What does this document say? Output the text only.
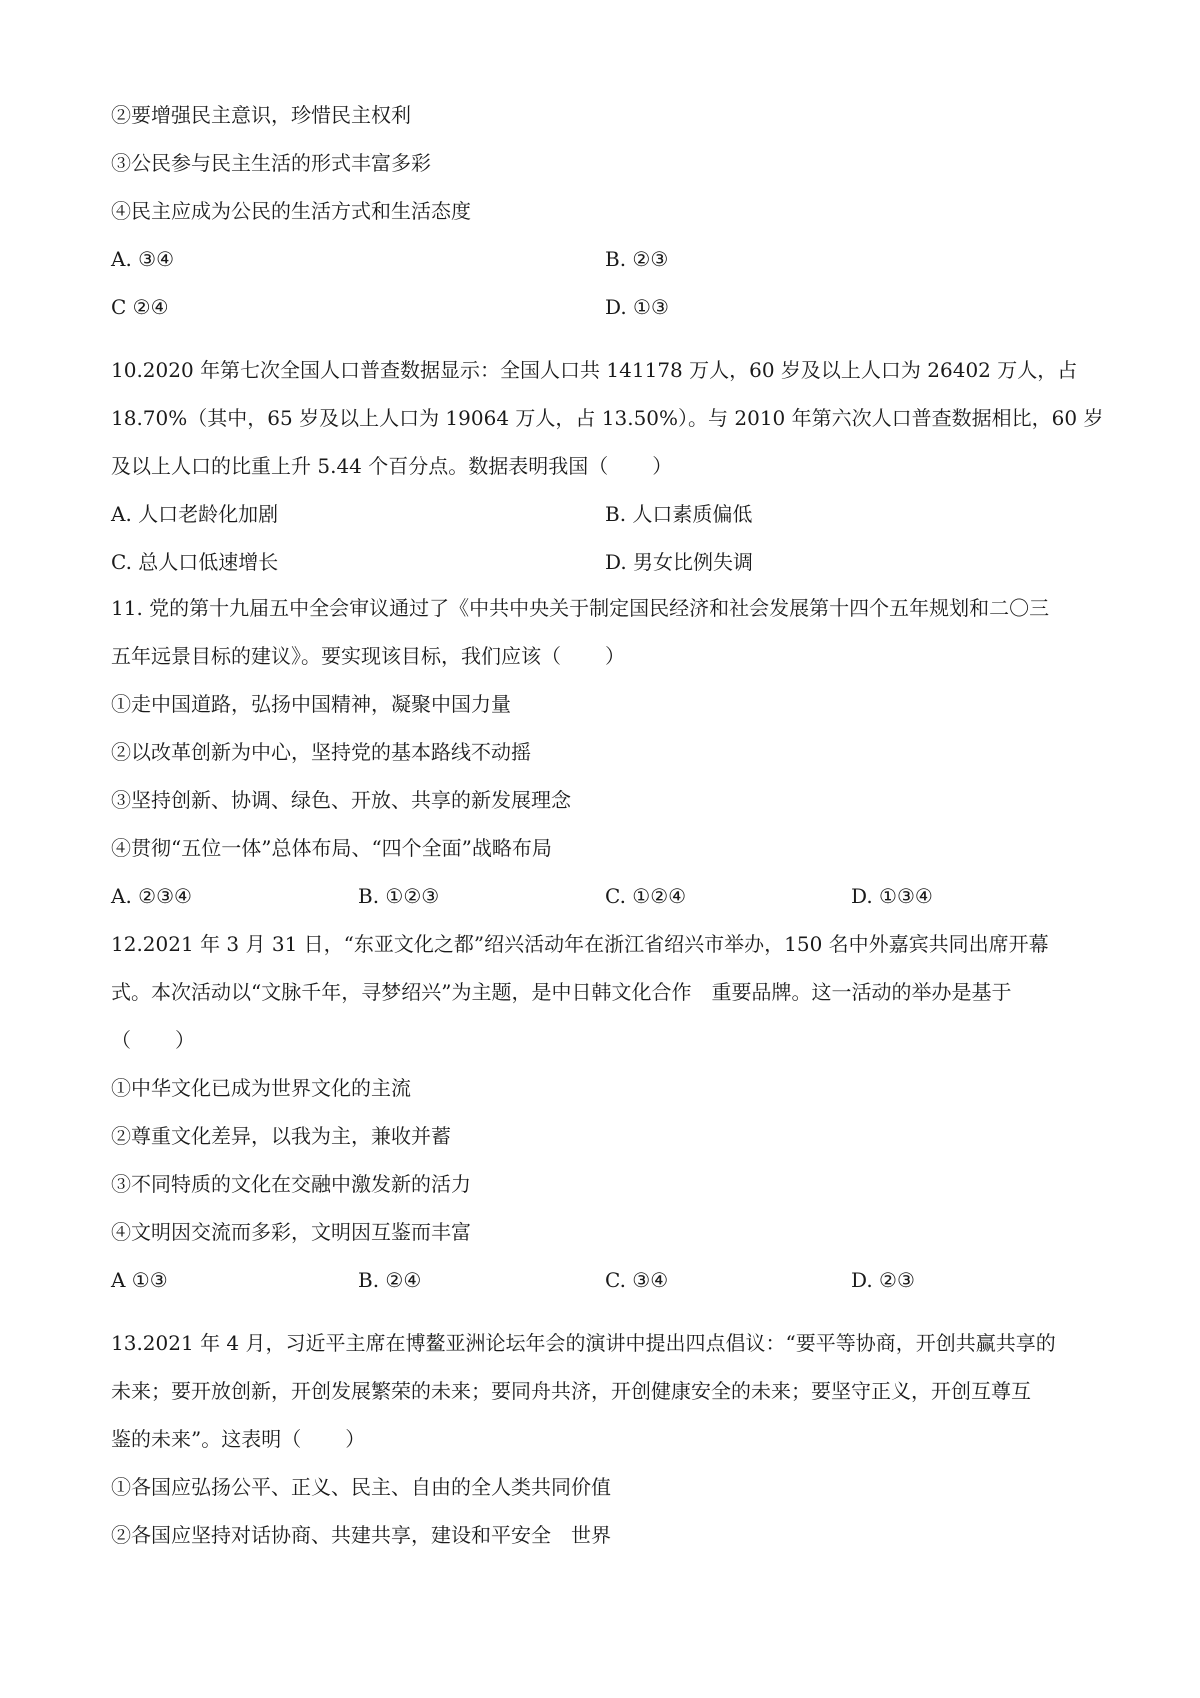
②要增强民主意识，珍惜民主权利
③公民参与民主生活的形式丰富多彩
④民主应成为公民的生活方式和生活态度
A. ③④	B. ②③
C ②④	D. ①③
10.2020 年第七次全国人口普查数据显示：全国人口共 141178 万人，60 岁及以上人口为 26402 万人，占
18.70%（其中，65 岁及以上人口为 19064 万人，占 13.50%）。与 2010 年第六次人口普查数据相比，60 岁
及以上人口的比重上升 5.44 个百分点。数据表明我国（ ）
A. 人口老龄化加剧	B. 人口素质偏低
C. 总人口低速增长	D. 男女比例失调
11. 党的第十九届五中全会审议通过了《中共中央关于制定国民经济和社会发展第十四个五年规划和二〇三
五年远景目标的建议》。要实现该目标，我们应该（ ）
①走中国道路，弘扬中国精神，凝聚中国力量
②以改革创新为中心，坚持党的基本路线不动摇
③坚持创新、协调、绿色、开放、共享的新发展理念
④贯彻“五位一体”总体布局、“四个全面”战略布局
A. ②③④	B. ①②③	C. ①②④	D. ①③④
12.2021 年 3 月 31 日，“东亚文化之都”绍兴活动年在浙江省绍兴市举办，150 名中外嘉宾共同出席开幕
式。本次活动以“文脉千年，寻梦绍兴”为主题，是中日韩文化合作 重要品牌。这一活动的举办是基于
（ ）
①中华文化已成为世界文化的主流
②尊重文化差异，以我为主，兼收并蓄
③不同特质的文化在交融中激发新的活力
④文明因交流而多彩，文明因互鉴而丰富
A ①③	B. ②④	C. ③④	D. ②③
13.2021 年 4 月，习近平主席在博鳌亚洲论坛年会的演讲中提出四点倡议：“要平等协商，开创共赢共享的
未来；要开放创新，开创发展繁荣的未来；要同舟共济，开创健康安全的未来；要坚守正义，开创互尊互
鉴的未来”。这表明（ ）
①各国应弘扬公平、正义、民主、自由的全人类共同价值
②各国应坚持对话协商、共建共享，建设和平安全 世界
